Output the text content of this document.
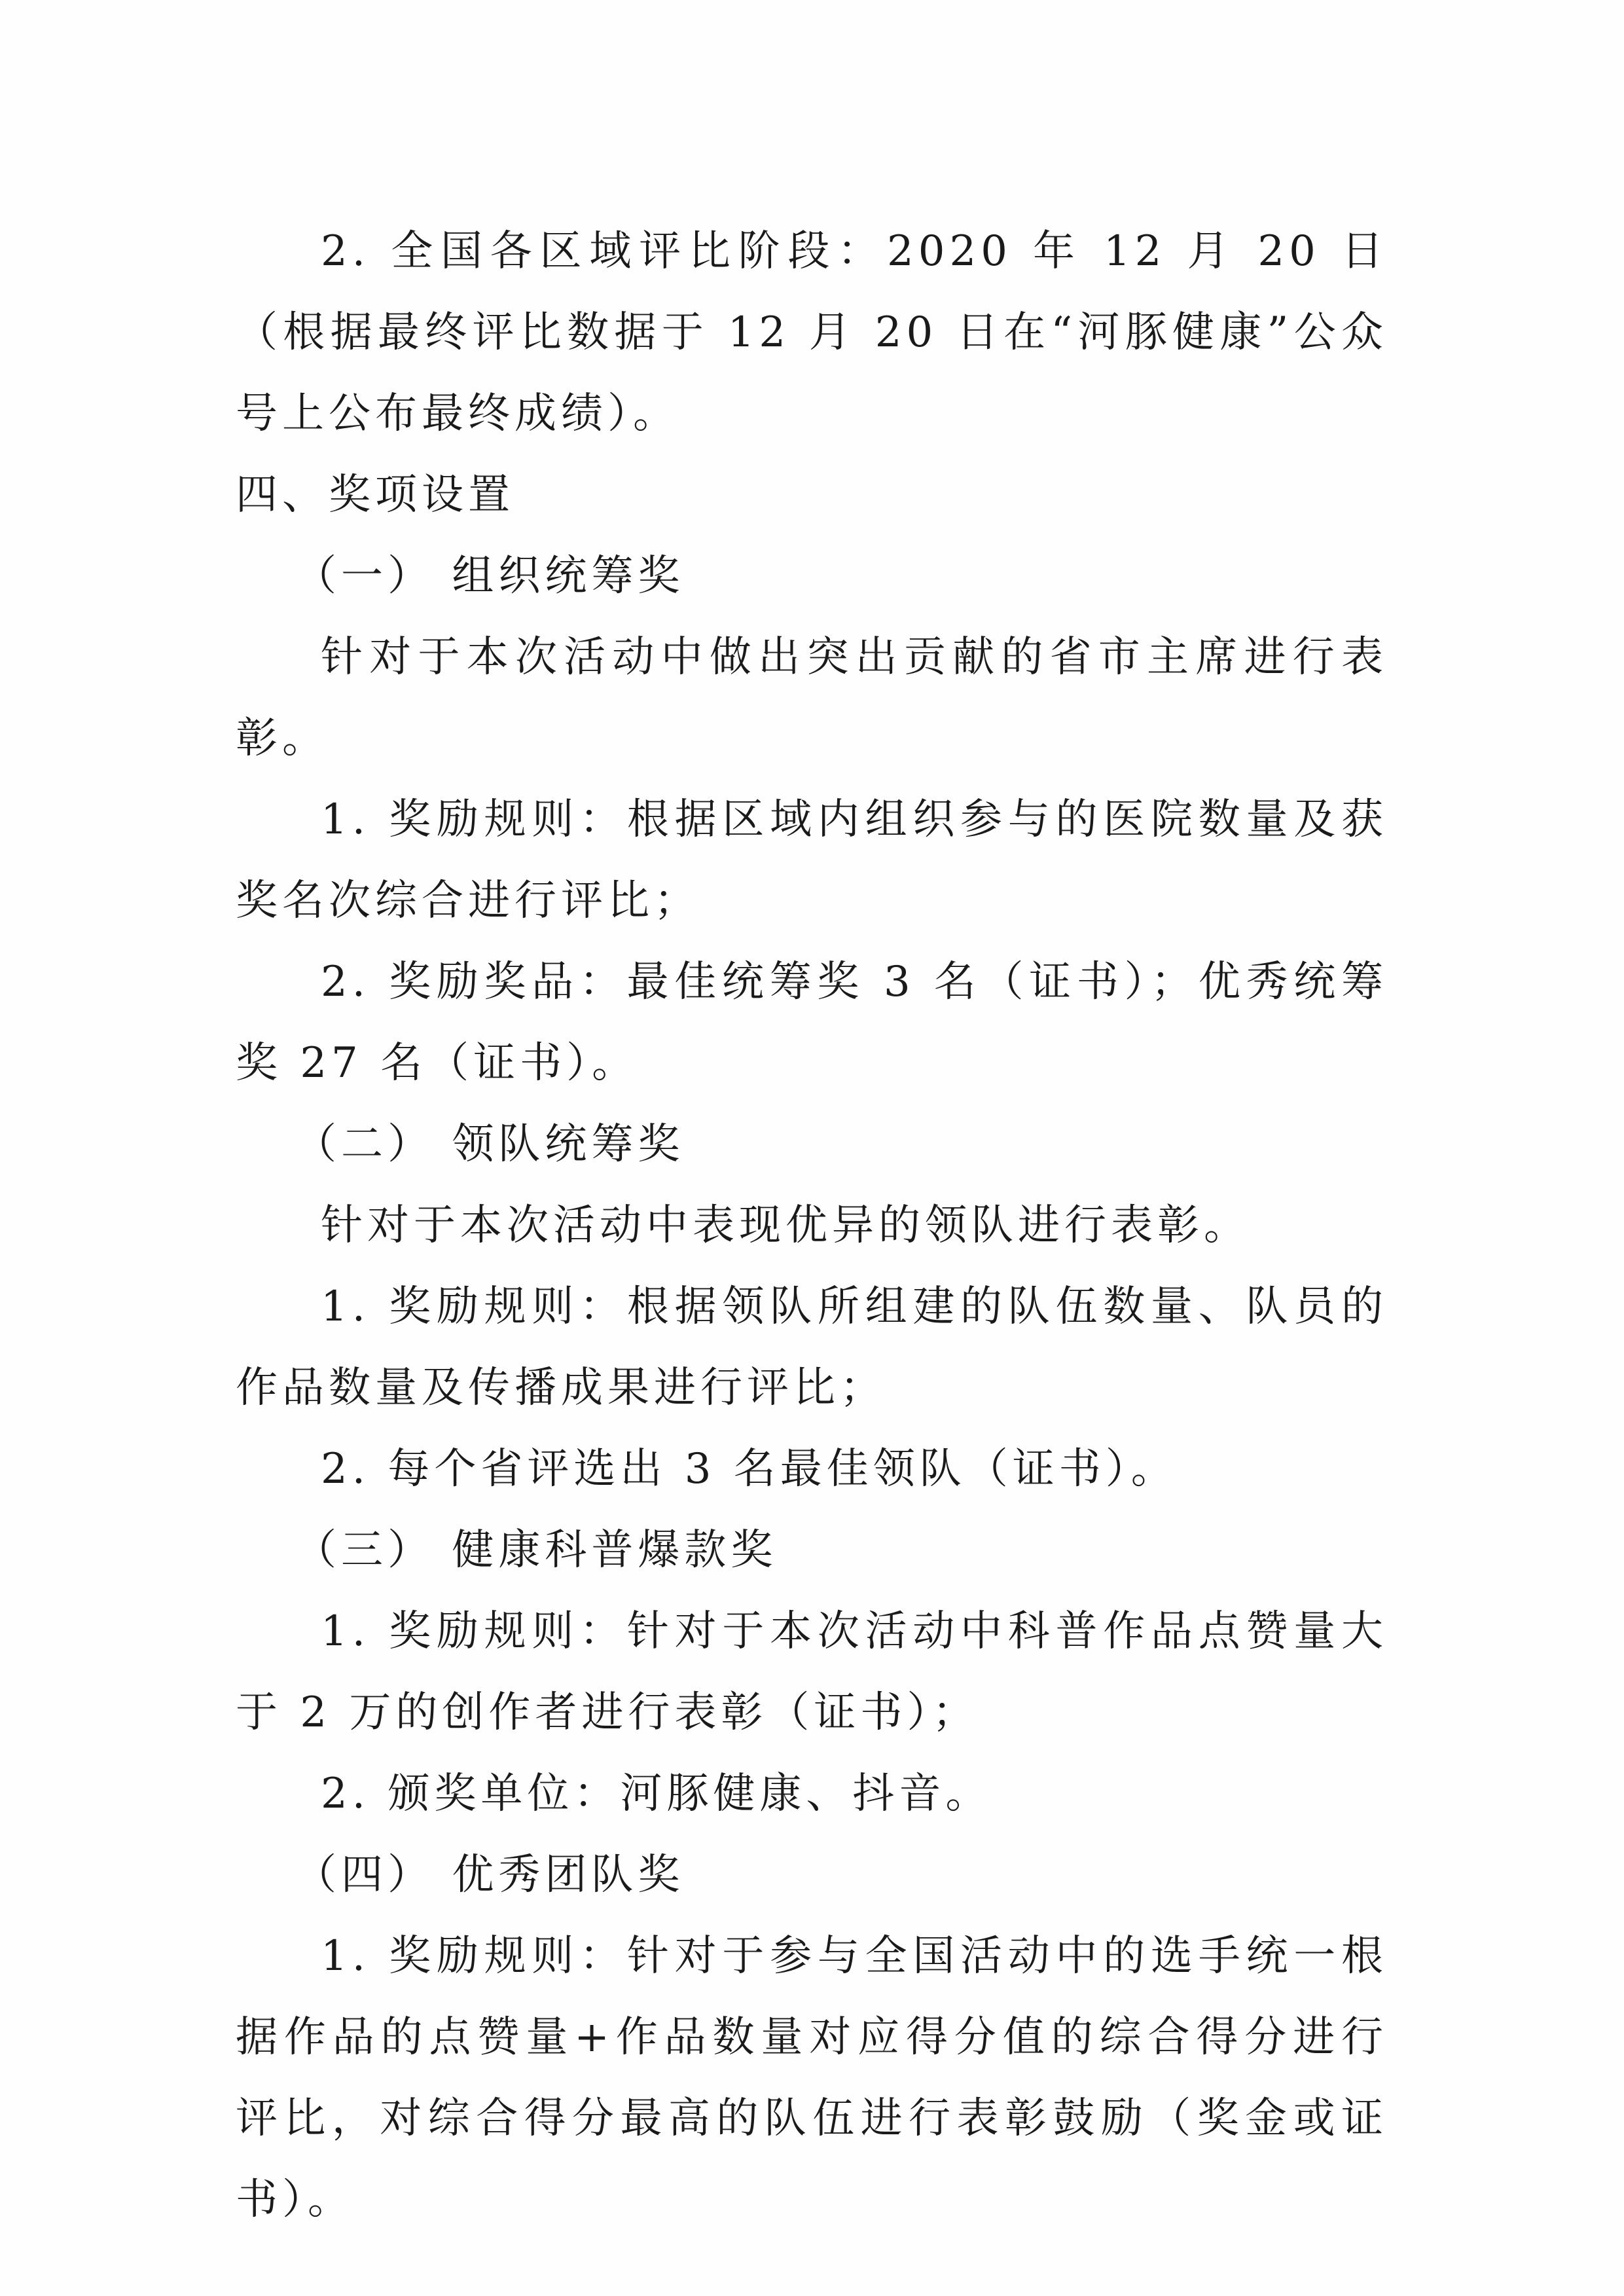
2. 全国各区域评比阶段：2020 年 12 月 20 日（根据最终评比数据于 12 月 20 日在“河豚健康”公众号上公布最终成绩）。

四、奖项设置

（一） 组织统筹奖

针对于本次活动中做出突出贡献的省市主席进行表彰。

1. 奖励规则：根据区域内组织参与的医院数量及获奖名次综合进行评比；

2. 奖励奖品：最佳统筹奖 3 名（证书）；优秀统筹奖 27 名（证书）。

（二） 领队统筹奖

针对于本次活动中表现优异的领队进行表彰。

1. 奖励规则：根据领队所组建的队伍数量、队员的作品数量及传播成果进行评比；

2. 每个省评选出 3 名最佳领队（证书）。

（三） 健康科普爆款奖

1. 奖励规则：针对于本次活动中科普作品点赞量大于 2 万的创作者进行表彰（证书）；

2. 颁奖单位：河豚健康、抖音。

（四） 优秀团队奖

1. 奖励规则：针对于参与全国活动中的选手统一根据作品的点赞量+作品数量对应得分值的综合得分进行评比，对综合得分最高的队伍进行表彰鼓励（奖金或证书）。
